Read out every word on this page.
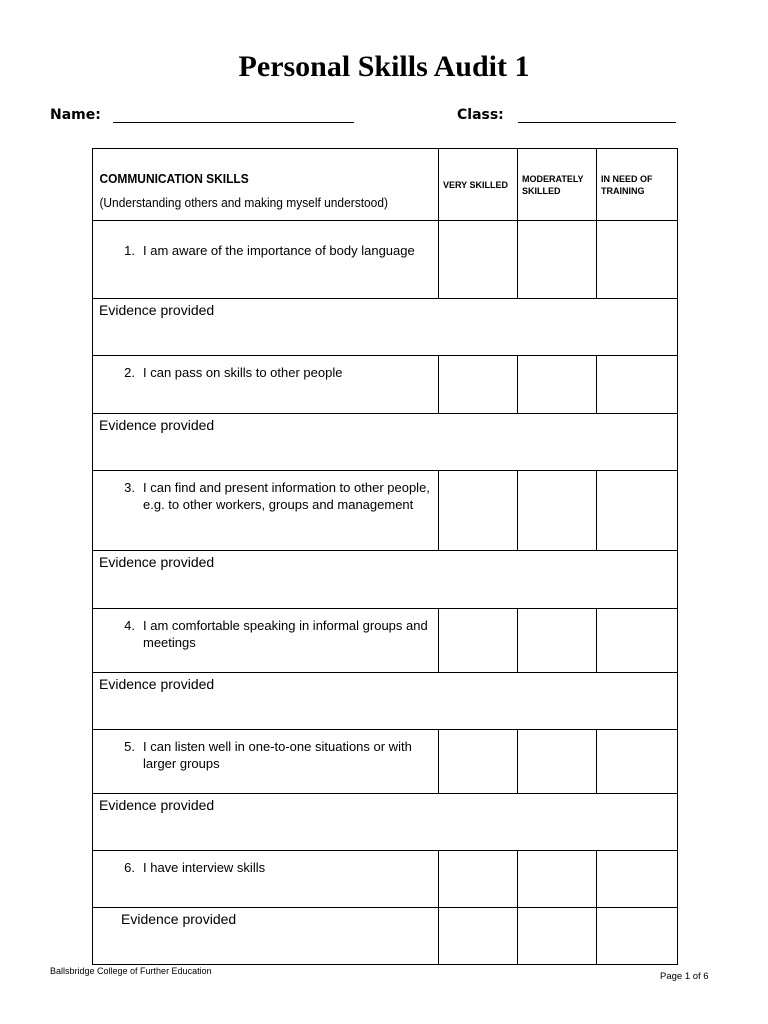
Personal Skills Audit 1
Name:	Class:
COMMUNICATION SKILLS
(Understanding others and making myself understood)	VERY SKILLED	MODERATELY SKILLED	IN NEED OF TRAINING

1. I am aware of the importance of body language			

Evidence provided			

2. I can pass on skills to other people			

Evidence provided			

3. I can find and present information to other people, e.g. to other workers, groups and management			

Evidence provided			

4. I am comfortable speaking in informal groups and meetings			

Evidence provided			

5. I can listen well in one-to-one situations or with larger groups			

Evidence provided			

6. I have interview skills			

Evidence provided			

Ballsbridge College of Further Education	Page 1 of 6
